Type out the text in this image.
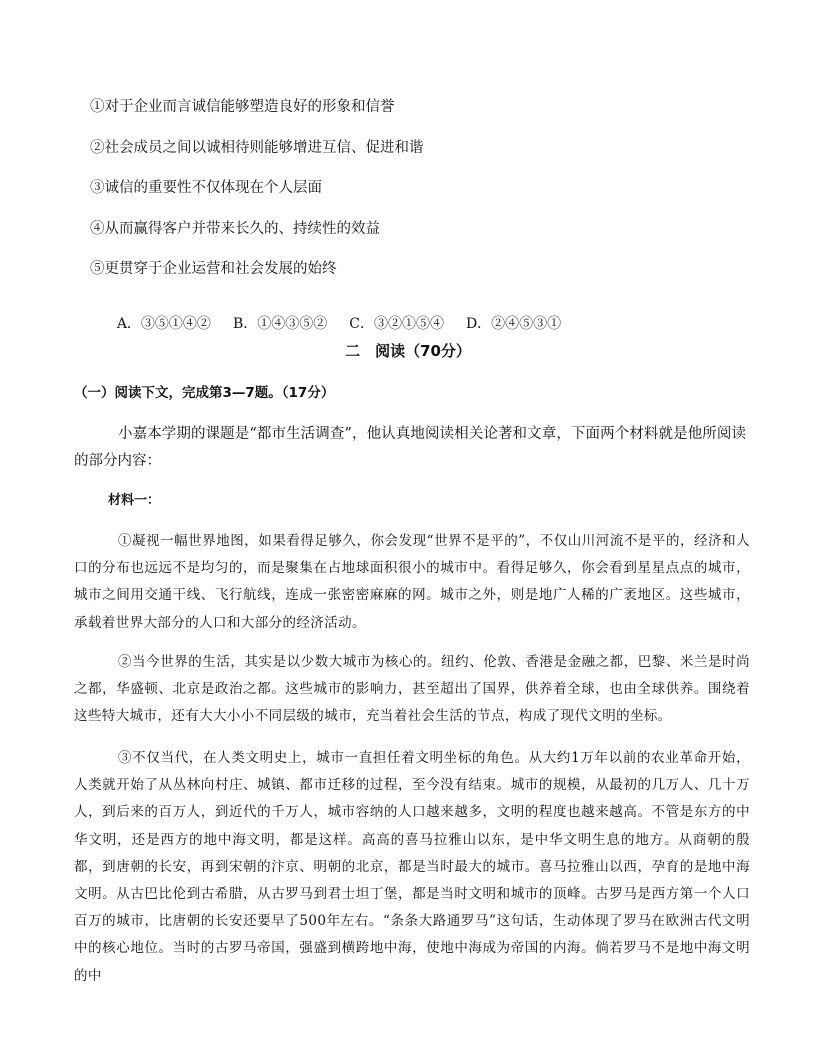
①对于企业而言诚信能够塑造良好的形象和信誉
②社会成员之间以诚相待则能够增进互信、促进和谐
③诚信的重要性不仅体现在个人层面
④从而赢得客户并带来长久的、持续性的效益
⑤更贯穿于企业运营和社会发展的始终

A．③⑤①④② B．①④③⑤② C．③②①⑤④ D．②④⑤③①

二　阅读（70分）
（一）阅读下文，完成第3—7题。（17分）
小嘉本学期的课题是“都市生活调查”，他认真地阅读相关论著和文章，下面两个材料就是他所阅读的部分内容：
材料一：
①凝视一幅世界地图，如果看得足够久，你会发现“世界不是平的”，不仅山川河流不是平的，经济和人口的分布也远远不是均匀的，而是聚集在占地球面积很小的城市中。看得足够久，你会看到星星点点的城市，城市之间用交通干线、飞行航线，连成一张密密麻麻的网。城市之外，则是地广人稀的广袤地区。这些城市，承载着世界大部分的人口和大部分的经济活动。
②当今世界的生活，其实是以少数大城市为核心的。纽约、伦敦、香港是金融之都，巴黎、米兰是时尚之都，华盛顿、北京是政治之都。这些城市的影响力，甚至超出了国界，供养着全球，也由全球供养。围绕着这些特大城市，还有大大小小不同层级的城市，充当着社会生活的节点，构成了现代文明的坐标。
③不仅当代，在人类文明史上，城市一直担任着文明坐标的角色。从大约1万年以前的农业革命开始，人类就开始了从丛林向村庄、城镇、都市迁移的过程，至今没有结束。城市的规模，从最初的几万人、几十万人，到后来的百万人，到近代的千万人，城市容纳的人口越来越多，文明的程度也越来越高。不管是东方的中华文明，还是西方的地中海文明，都是这样。高高的喜马拉雅山以东，是中华文明生息的地方。从商朝的殷都，到唐朝的长安，再到宋朝的汴京、明朝的北京，都是当时最大的城市。喜马拉雅山以西，孕育的是地中海文明。从古巴比伦到古希腊，从古罗马到君士坦丁堡，都是当时文明和城市的顶峰。古罗马是西方第一个人口百万的城市，比唐朝的长安还要早了500年左右。“条条大路通罗马”这句话，生动体现了罗马在欧洲古代文明中的核心地位。当时的古罗马帝国，强盛到横跨地中海，使地中海成为帝国的内海。倘若罗马不是地中海文明的中
